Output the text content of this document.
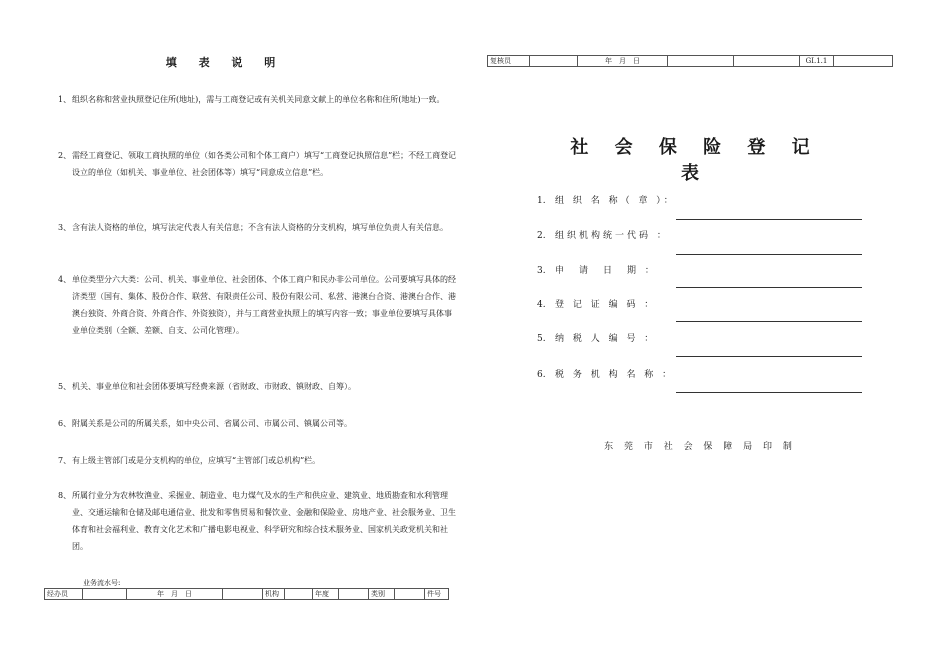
填 表 说 明
1、 组织名称和营业执照登记住所(地址)，需与工商登记或有关机关同意文献上的单位名称和住所(地址)一致。
2、 需经工商登记、领取工商执照的单位（如各类公司和个体工商户）填写“工商登记执照信息”栏；不经工商登记设立的单位（如机关、事业单位、社会团体等）填写“同意成立信息”栏。
3、 含有法人资格的单位，填写法定代表人有关信息；不含有法人资格的分支机构，填写单位负责人有关信息。
4、 单位类型分六大类：公司、机关、事业单位、社会团体、个体工商户和民办非公司单位。公司要填写具体的经济类型（国有、集体、股份合作、联营、有限责任公司、股份有限公司、私营、港澳台合资、港澳台合作、港澳台独资、外商合资、外商合作、外资独资），并与工商营业执照上的填写内容一致；事业单位要填写具体事业单位类别（全额、差额、自支、公司化管理）。
5、 机关、事业单位和社会团体要填写经费来源（省财政、市财政、镇财政、自筹）。
6、 附属关系是公司的所属关系，如中央公司、省属公司、市属公司、镇属公司等。
7、 有上级主管部门或是分支机构的单位，应填写“主管部门或总机构”栏。
8、 所属行业分为农林牧渔业、采掘业、制造业、电力煤气及水的生产和供应业、建筑业、地质勘查和水利管理业、交通运输和仓储及邮电通信业、批发和零售贸易和餐饮业、金融和保险业、房地产业、社会服务业、卫生体育和社会福利业、教育文化艺术和广播电影电视业、科学研究和综合技术服务业、国家机关政党机关和社团。
业务流水号:
经办员		年　月　日		机构		年度		类别		件号
复核员		年　月　日			GI.1.1	
社 会 保 险 登 记 表
1. 组 织 名 称（ 章 ）：
2. 组织机构统一代码 ：
3. 申　请　日　期 ：
4. 登 记 证 编 码 ：
5. 纳 税 人 编 号 ：
6. 税 务 机 构 名 称 ：
东 莞 市 社 会 保 障 局 印 制
